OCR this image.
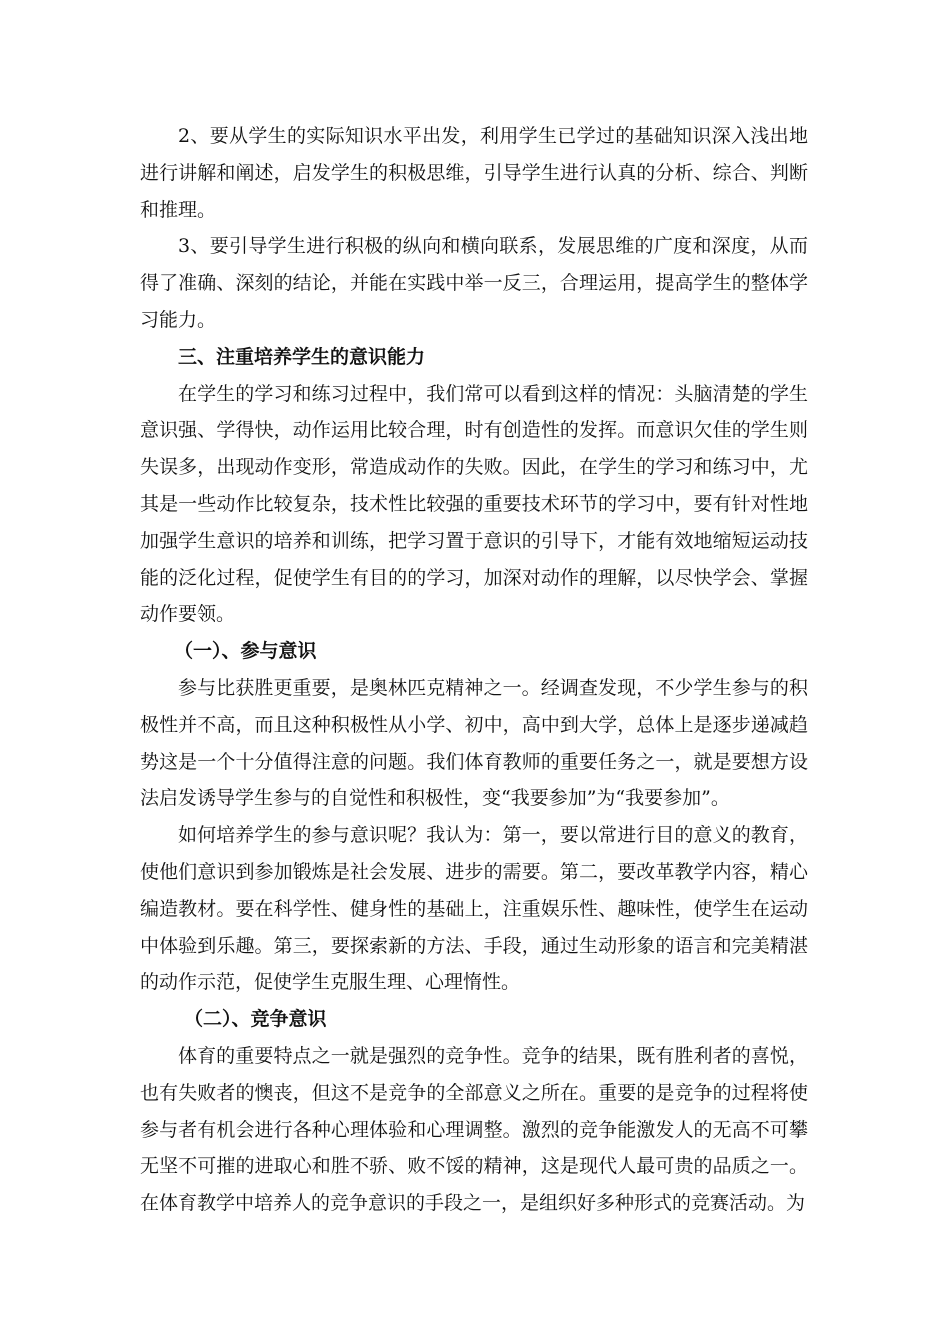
2、要从学生的实际知识水平出发，利用学生已学过的基础知识深入浅出地进行讲解和阐述，启发学生的积极思维，引导学生进行认真的分析、综合、判断和推理。

3、要引导学生进行积极的纵向和横向联系，发展思维的广度和深度，从而得了准确、深刻的结论，并能在实践中举一反三，合理运用，提高学生的整体学习能力。

三、注重培养学生的意识能力

在学生的学习和练习过程中，我们常可以看到这样的情况：头脑清楚的学生意识强、学得快，动作运用比较合理，时有创造性的发挥。而意识欠佳的学生则失误多，出现动作变形，常造成动作的失败。因此，在学生的学习和练习中，尤其是一些动作比较复杂，技术性比较强的重要技术环节的学习中，要有针对性地加强学生意识的培养和训练，把学习置于意识的引导下，才能有效地缩短运动技能的泛化过程，促使学生有目的的学习，加深对动作的理解，以尽快学会、掌握动作要领。

（一）、参与意识

参与比获胜更重要，是奥林匹克精神之一。经调查发现，不少学生参与的积极性并不高，而且这种积极性从小学、初中，高中到大学，总体上是逐步递减趋势这是一个十分值得注意的问题。我们体育教师的重要任务之一，就是要想方设法启发诱导学生参与的自觉性和积极性，变“我要参加”为“我要参加”。

如何培养学生的参与意识呢？我认为：第一，要以常进行目的意义的教育，使他们意识到参加锻炼是社会发展、进步的需要。第二，要改革教学内容，精心编造教材。要在科学性、健身性的基础上，注重娱乐性、趣味性，使学生在运动中体验到乐趣。第三，要探索新的方法、手段，通过生动形象的语言和完美精湛的动作示范，促使学生克服生理、心理惰性。

（二）、竞争意识

体育的重要特点之一就是强烈的竞争性。竞争的结果，既有胜利者的喜悦，也有失败者的懊丧，但这不是竞争的全部意义之所在。重要的是竞争的过程将使参与者有机会进行各种心理体验和心理调整。激烈的竞争能激发人的无高不可攀无坚不可摧的进取心和胜不骄、败不馁的精神，这是现代人最可贵的品质之一。在体育教学中培养人的竞争意识的手段之一，是组织好多种形式的竞赛活动。为
